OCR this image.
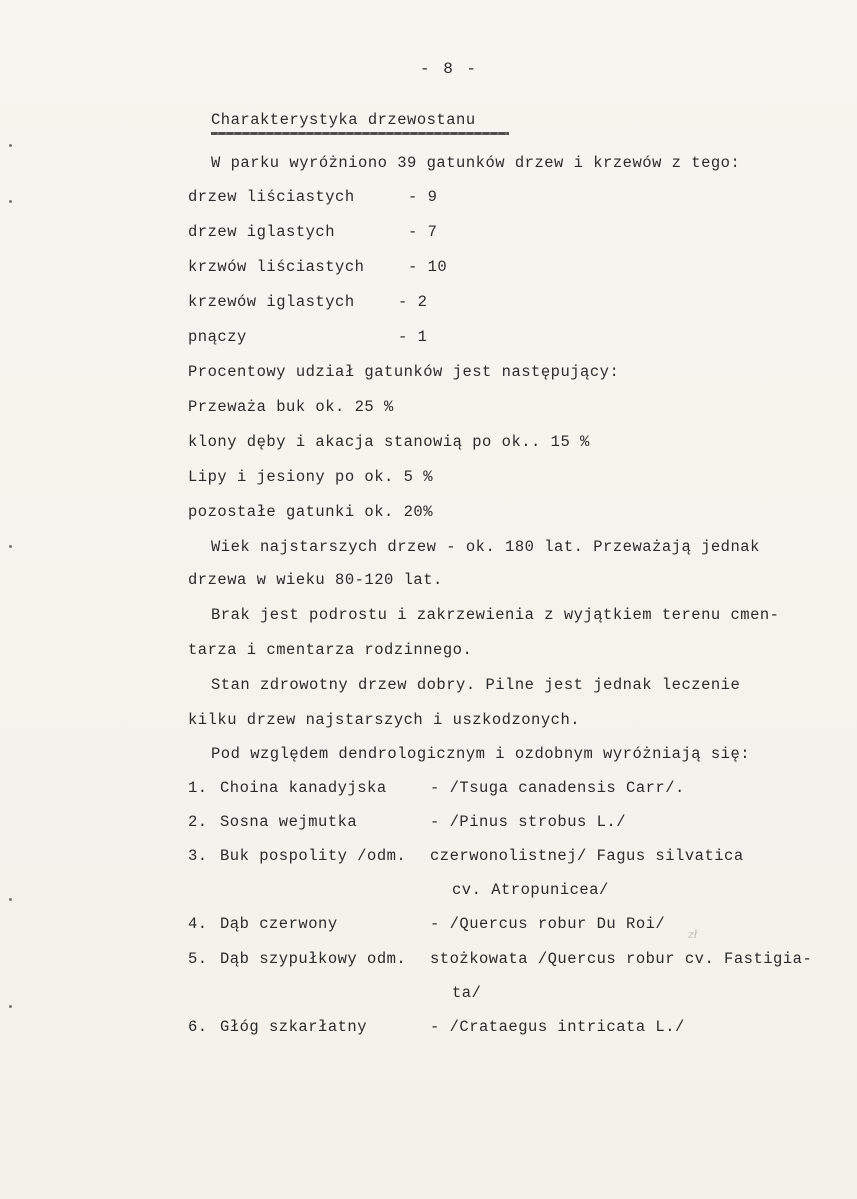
- 8 -
Charakterystyka drzewostanu
W parku wyróżniono 39 gatunków drzew i krzewów z tego:
drzew liściastych	- 9
drzew iglastych	- 7
krzwów liściastych	- 10
krzewów iglastych	- 2
pnączy	- 1
Procentowy udział gatunków jest następujący:
Przeważa buk ok. 25 %
klony dęby i akacja stanowią po ok.. 15 %
Lipy i jesiony po ok. 5 %
pozostałe gatunki ok. 20%
Wiek najstarszych drzew - ok. 180 lat. Przeważają jednak
drzewa w wieku 80-120 lat.
Brak jest podrostu i zakrzewienia z wyjątkiem terenu cmen-
tarza i cmentarza rodzinnego.
Stan zdrowotny drzew dobry. Pilne jest jednak leczenie
kilku drzew najstarszych i uszkodzonych.
Pod względem dendrologicznym i ozdobnym wyróżniają się:
1. Choina kanadyjska	- /Tsuga canadensis Carr/.
2. Sosna wejmutka	- /Pinus strobus L./
3. Buk pospolity /odm. czerwonolistnej/ Fagus silvatica
cv. Atropunicea/
4. Dąb czerwony	- /Quercus robur Du Roi/
zł
5. Dąb szypułkowy odm. stożkowata /Quercus robur cv. Fastigia-
ta/
6. Głóg szkarłatny	- /Crataegus intricata L./
